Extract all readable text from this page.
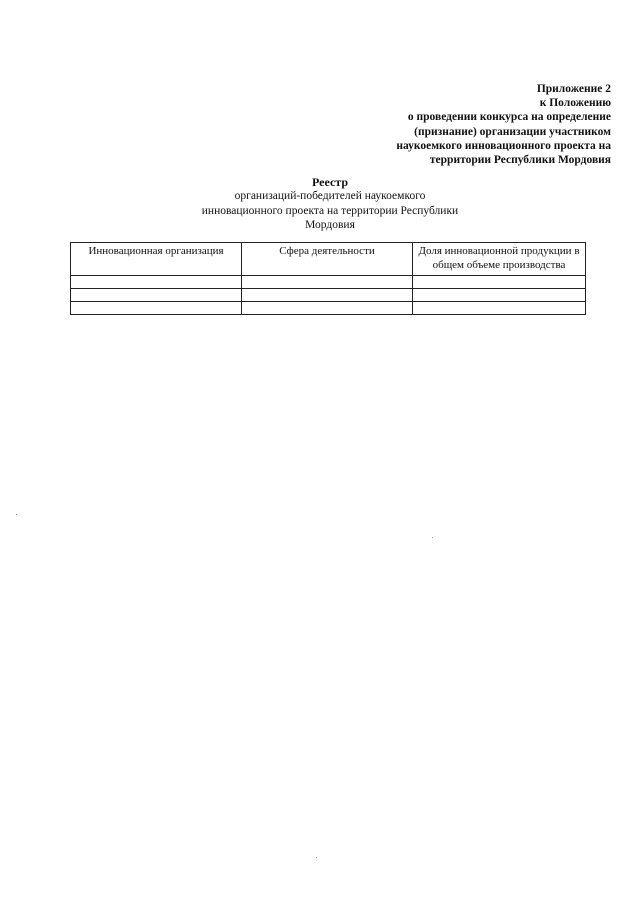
Приложение 2
к Положению
о проведении конкурса на определение
(признание) организации участником
наукоемкого инновационного проекта на
территории Республики Мордовия
Реестр
организаций-победителей наукоемкого
инновационного проекта на территории Республики
Мордовия
Инновационная организация	Сфера деятельности	Доля инновационной продукции в общем объеме производства
